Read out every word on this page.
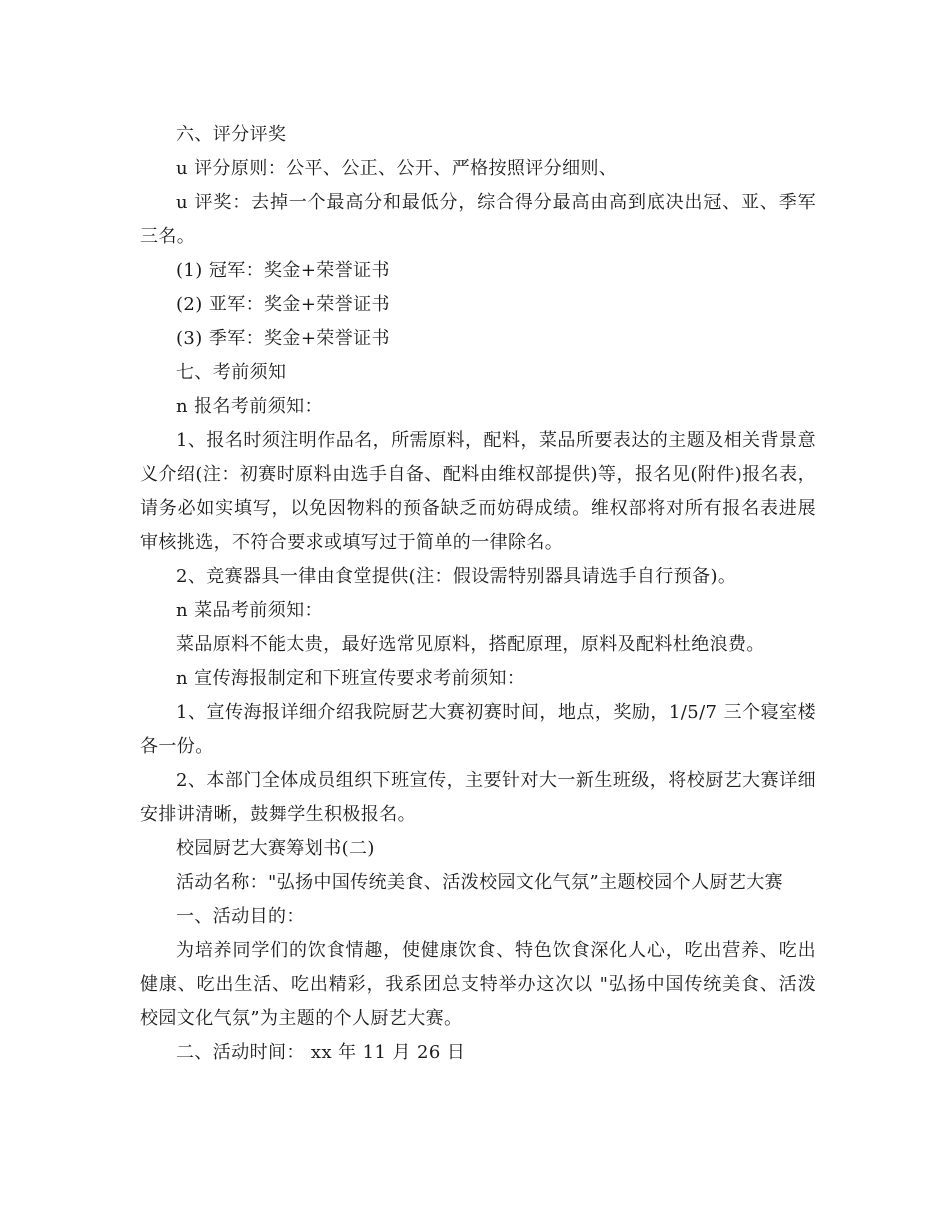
六、评分评奖

u 评分原则：公平、公正、公开、严格按照评分细则、

u 评奖：去掉一个最高分和最低分，综合得分最高由高到底决出冠、亚、季军三名。

(1) 冠军：奖金+荣誉证书

(2) 亚军：奖金+荣誉证书

(3) 季军：奖金+荣誉证书

七、考前须知

n 报名考前须知：

1、报名时须注明作品名，所需原料，配料，菜品所要表达的主题及相关背景意义介绍(注：初赛时原料由选手自备、配料由维权部提供)等，报名见(附件)报名表，请务必如实填写，以免因物料的预备缺乏而妨碍成绩。维权部将对所有报名表进展审核挑选，不符合要求或填写过于简单的一律除名。

2、竞赛器具一律由食堂提供(注：假设需特别器具请选手自行预备)。

n 菜品考前须知：

菜品原料不能太贵，最好选常见原料，搭配原理，原料及配料杜绝浪费。

n 宣传海报制定和下班宣传要求考前须知：

1、宣传海报详细介绍我院厨艺大赛初赛时间，地点，奖励，1/5/7 三个寝室楼各一份。

2、本部门全体成员组织下班宣传，主要针对大一新生班级，将校厨艺大赛详细安排讲清晰，鼓舞学生积极报名。

校园厨艺大赛筹划书(二)

活动名称："弘扬中国传统美食、活泼校园文化气氛”主题校园个人厨艺大赛

一、活动目的：

为培养同学们的饮食情趣，使健康饮食、特色饮食深化人心，吃出营养、吃出健康、吃出生活、吃出精彩，我系团总支特举办这次以 "弘扬中国传统美食、活泼校园文化气氛”为主题的个人厨艺大赛。

二、活动时间： xx 年 11 月 26 日
